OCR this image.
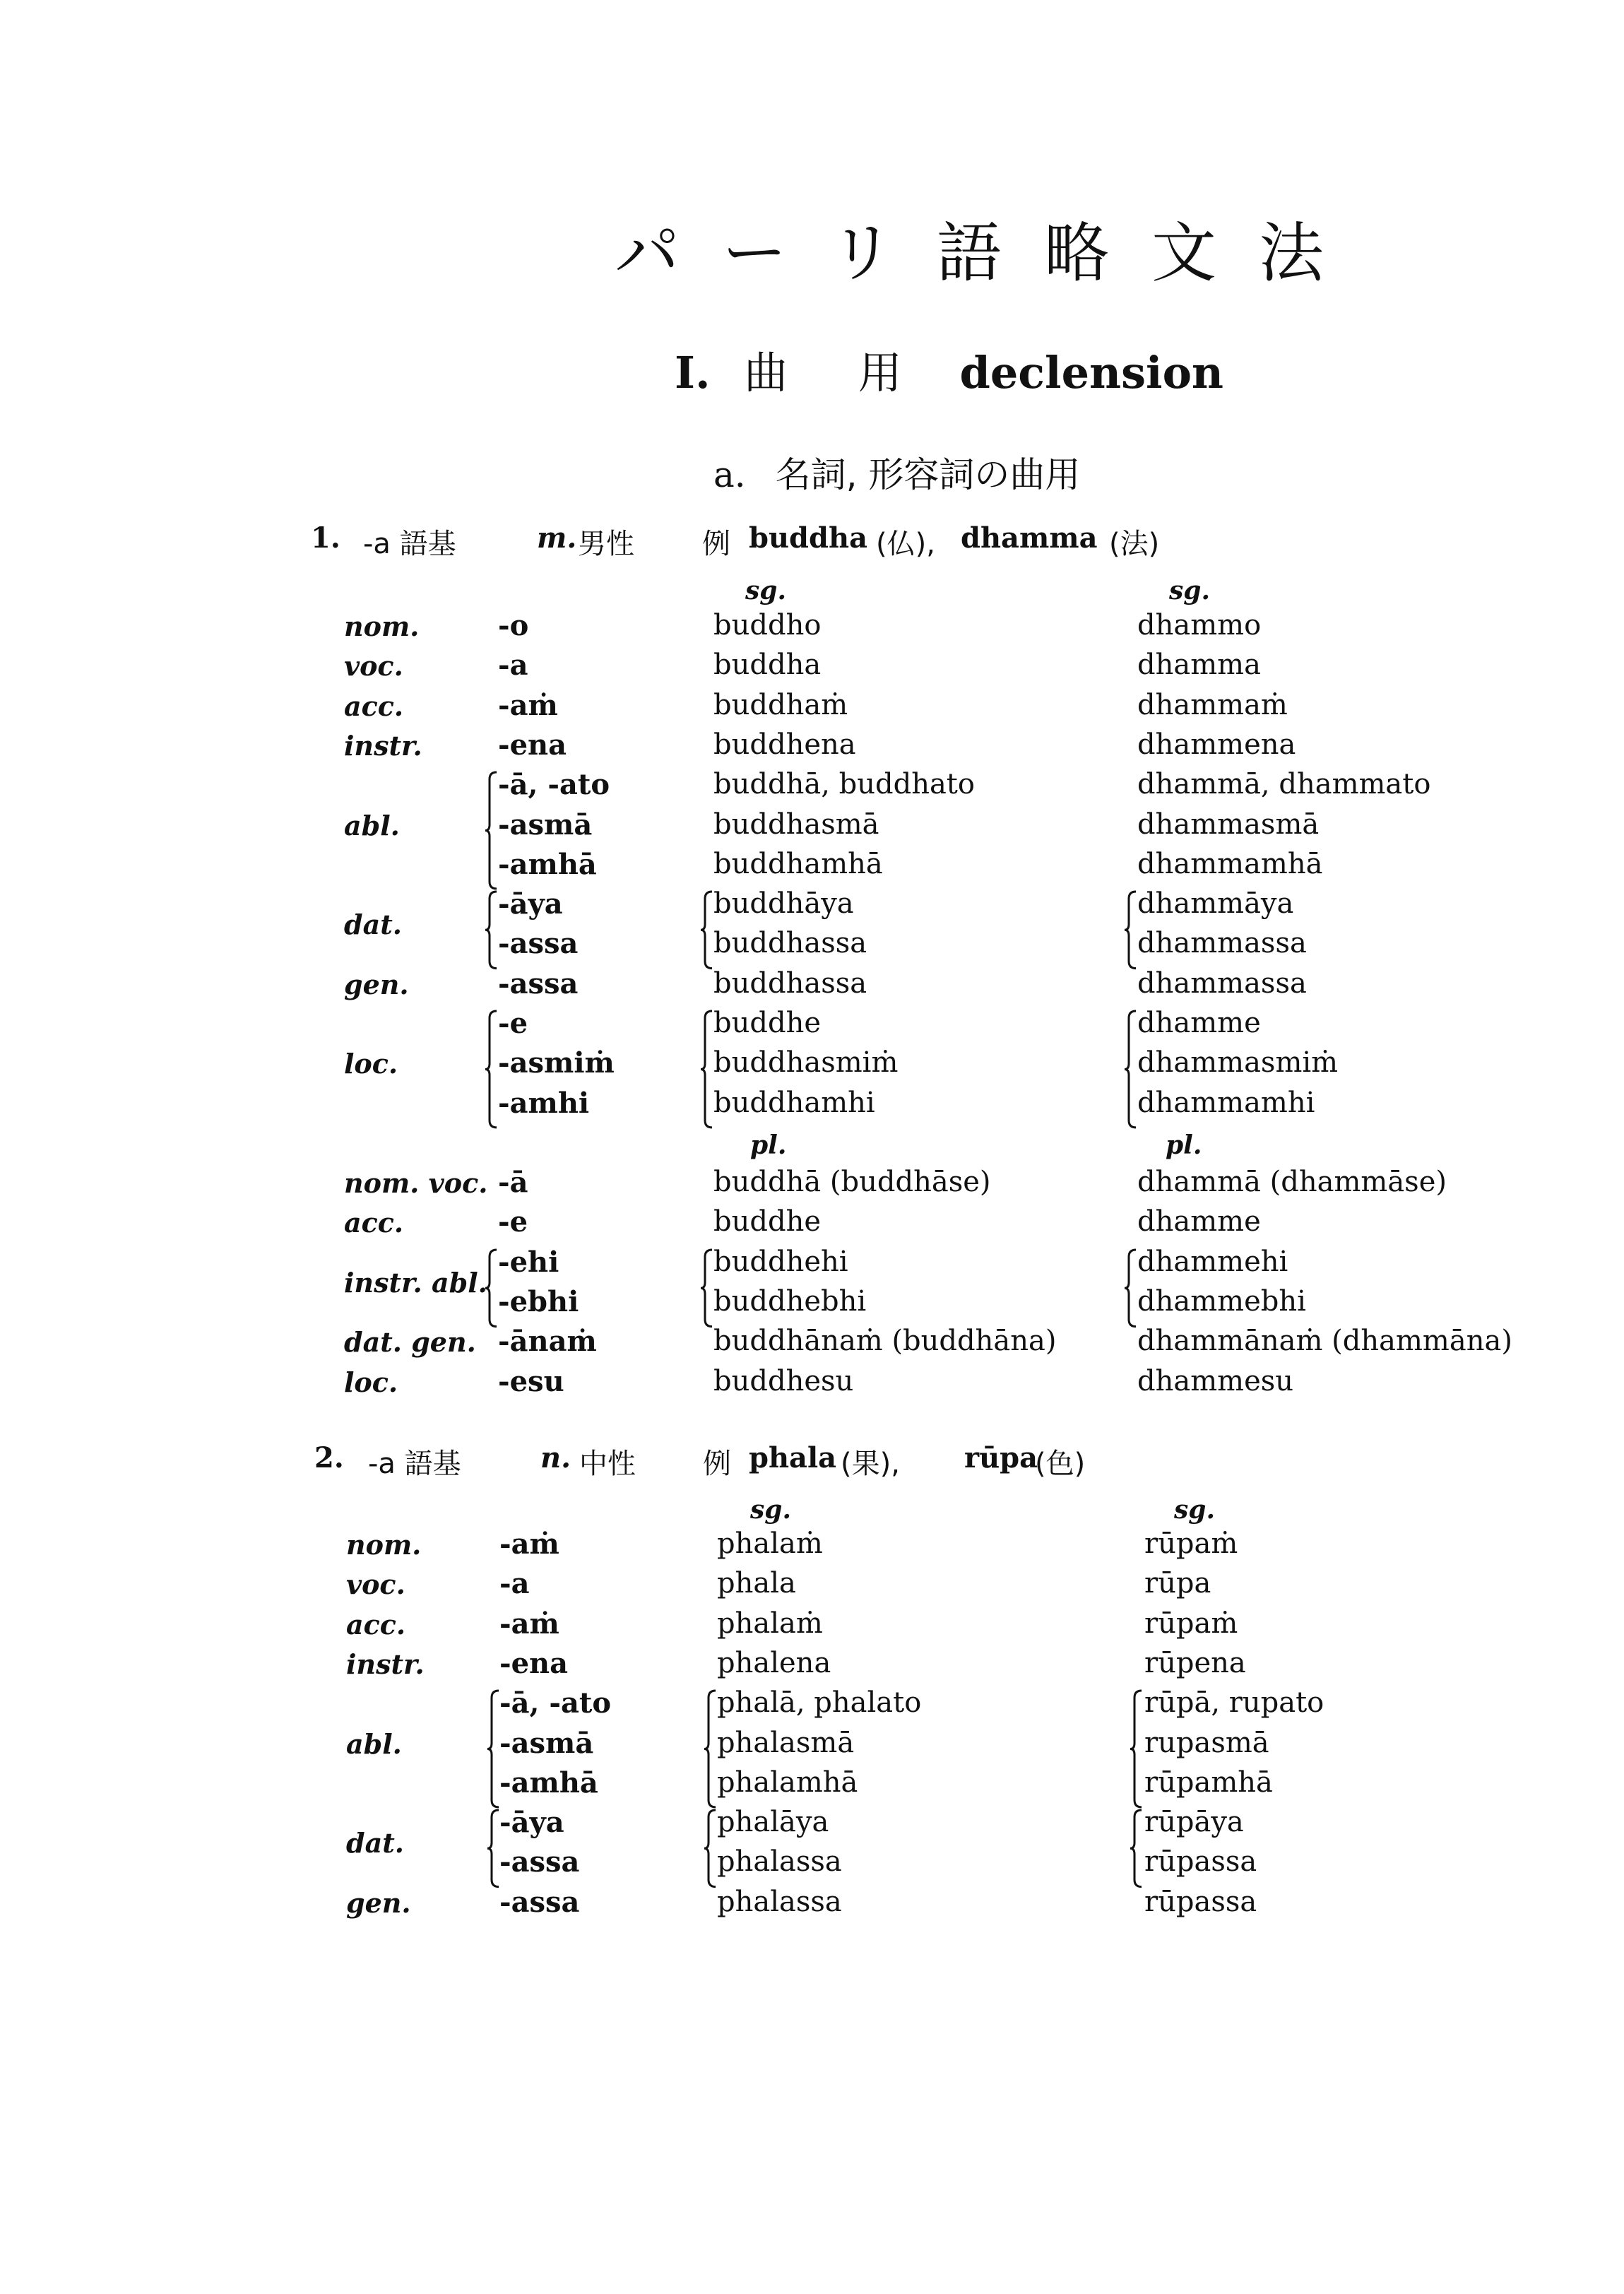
パーリ語略文法
I. 曲 用 declension
a. 名詞, 形容詞の曲用
1. -a 語基	m. 男性 例 buddha (仏), dhamma (法)
sg.	sg.
nom.	-o	buddho	dhammo
voc.	-a	buddha	dhamma
acc.	-aṁ	buddhaṁ	dhammaṁ
instr.	-ena	buddhena	dhammena
-ā, -ato	buddhā, buddhato	dhammā, dhammato
abl.	-asmā	buddhasmā	dhammasmā
-amhā	buddhamhā	dhammamhā
dat.
-āya	buddhāya	dhammāya
-assa	buddhassa	dhammassa
gen.	-assa	buddhassa	dhammassa
-e	buddhe	dhamme
loc.	-asmiṁ	buddhasmiṁ	dhammasmiṁ
-amhi	buddhamhi	dhammamhi
pl.	pl.
nom. voc. -ā	buddhā (buddhāse)	dhammā (dhammāse)
acc.	-e	buddhe	dhamme
-ehi	buddhehi	dhammehi
instr. abl.
-ebhi	buddhebhi	dhammebhi
dat. gen. -ānaṁ	buddhānaṁ (buddhāna)	dhammānaṁ (dhammāna)
loc.	-esu	buddhesu	dhammesu
2. -a 語基	n. 中性 例 phala (果), rūpa
(色)
sg.	sg.
nom.	-aṁ	phalaṁ	rūpaṁ
voc.	-a	phala	rūpa
acc.	-aṁ	phalaṁ	rūpaṁ
instr.	-ena	phalena	rūpena
-ā, -ato	phalā, phalato	rūpā, rupato
abl.	-asmā	phalasmā	rupasmā
-amhā	phalamhā	rūpamhā
dat.
-āya	phalāya	rūpāya
-assa	phalassa	rūpassa
gen.	-assa	phalassa	rūpassa
